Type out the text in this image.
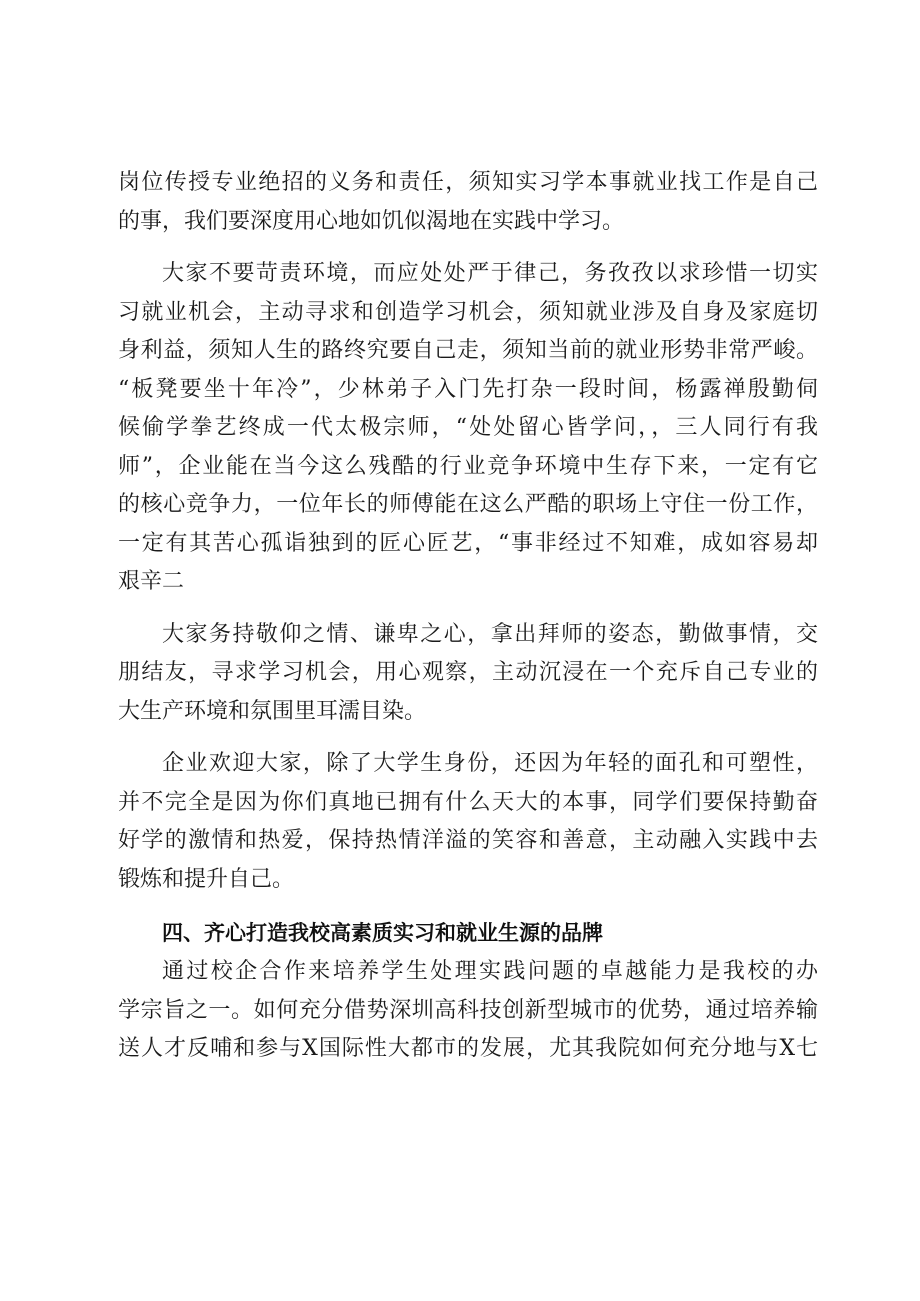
岗位传授专业绝招的义务和责任，须知实习学本事就业找工作是自己
的事，我们要深度用心地如饥似渴地在实践中学习。
大家不要苛责环境，而应处处严于律己，务孜孜以求珍惜一切实
习就业机会，主动寻求和创造学习机会，须知就业涉及自身及家庭切
身利益，须知人生的路终究要自己走，须知当前的就业形势非常严峻。
“板凳要坐十年冷”，少林弟子入门先打杂一段时间，杨露禅殷勤伺
候偷学拳艺终成一代太极宗师，“处处留心皆学问，，三人同行有我
师”，企业能在当今这么残酷的行业竞争环境中生存下来，一定有它
的核心竞争力，一位年长的师傅能在这么严酷的职场上守住一份工作，
一定有其苦心孤诣独到的匠心匠艺，“事非经过不知难，成如容易却
艰辛二
大家务持敬仰之情、谦卑之心，拿出拜师的姿态，勤做事情，交
朋结友，寻求学习机会，用心观察，主动沉浸在一个充斥自己专业的
大生产环境和氛围里耳濡目染。
企业欢迎大家，除了大学生身份，还因为年轻的面孔和可塑性，
并不完全是因为你们真地已拥有什么天大的本事，同学们要保持勤奋
好学的激情和热爱，保持热情洋溢的笑容和善意，主动融入实践中去
锻炼和提升自己。
四、齐心打造我校高素质实习和就业生源的品牌
通过校企合作来培养学生处理实践问题的卓越能力是我校的办
学宗旨之一。如何充分借势深圳高科技创新型城市的优势，通过培养输
送人才反哺和参与X国际性大都市的发展，尤其我院如何充分地与X七
